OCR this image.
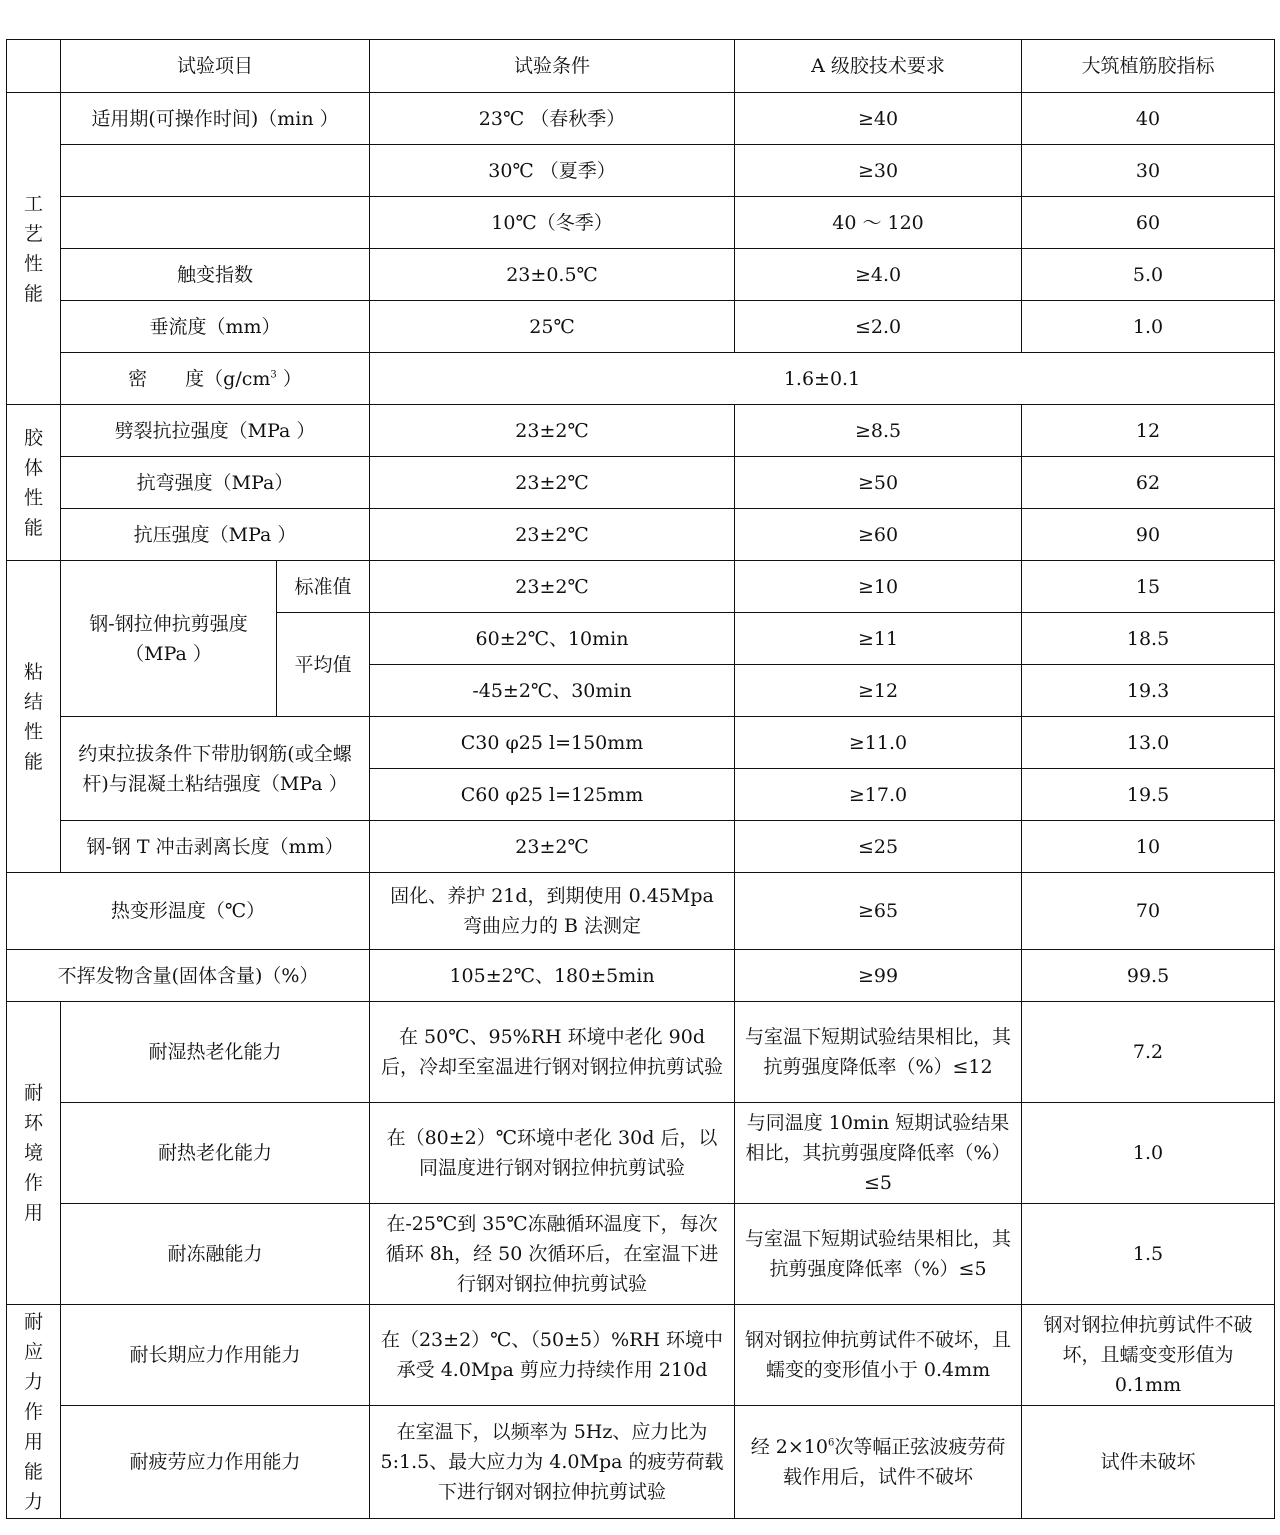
	试验项目		试验条件	A 级胶技术要求	大筑植筋胶指标
工艺性能	适用期(可操作时间)（min ）		23℃ （春秋季）	≥40	40
			30℃ （夏季）	≥30	30
			10℃（冬季）	40 ～ 120	60
	触变指数		23±0.5℃	≥4.0	5.0
	垂流度（mm）		25℃	≤2.0	1.0
	密　　度（$g/cm^3$ ）		1.6±0.1		
胶体性能	劈裂抗拉强度（MPa ）		23±2℃	≥8.5	12
	抗弯强度（MPa）		23±2℃	≥50	62
	抗压强度（MPa ）		23±2℃	≥60	90
粘结性能	钢-钢拉伸抗剪强度（MPa ）	标准值	23±2℃	≥10	15
		平均值	60±2℃、10min	≥11	18.5
			-45±2℃、30min	≥12	19.3
	约束拉拔条件下带肋钢筋(或全螺杆)与混凝土粘结强度（MPa ）		C30 φ25 l=150mm	≥11.0	13.0
			C60 φ25 l=125mm	≥17.0	19.5
	钢-钢 T 冲击剥离长度（mm）		23±2℃	≤25	10
热变形温度（℃）			固化、养护 21d，到期使用 0.45Mpa 弯曲应力的 B 法测定	≥65	70
不挥发物含量(固体含量)（%）			105±2℃、180±5min	≥99	99.5
耐环境作用	耐湿热老化能力		在 50℃、95%RH 环境中老化 90d 后，冷却至室温进行钢对钢拉伸抗剪试验	与室温下短期试验结果相比，其抗剪强度降低率（%）≤12	7.2
	耐热老化能力		在（80±2）℃环境中老化 30d 后，以同温度进行钢对钢拉伸抗剪试验	与同温度 10min 短期试验结果相比，其抗剪强度降低率（%）≤5	1.0
	耐冻融能力		在-25℃到 35℃冻融循环温度下，每次循环 8h，经 50 次循环后，在室温下进行钢对钢拉伸抗剪试验	与室温下短期试验结果相比，其抗剪强度降低率（%）≤5	1.5
耐应力作用能力	耐长期应力作用能力		在（23±2）℃、（50±5）%RH 环境中承受 4.0Mpa 剪应力持续作用 210d	钢对钢拉伸抗剪试件不破坏，且蠕变的变形值小于 0.4mm	钢对钢拉伸抗剪试件不破坏，且蠕变变形值为 0.1mm
	耐疲劳应力作用能力		在室温下，以频率为 5Hz、应力比为 5:1.5、最大应力为 4.0Mpa 的疲劳荷载下进行钢对钢拉伸抗剪试验	经 $2\times 10^6$次等幅正弦波疲劳荷载作用后，试件不破坏	试件未破坏
